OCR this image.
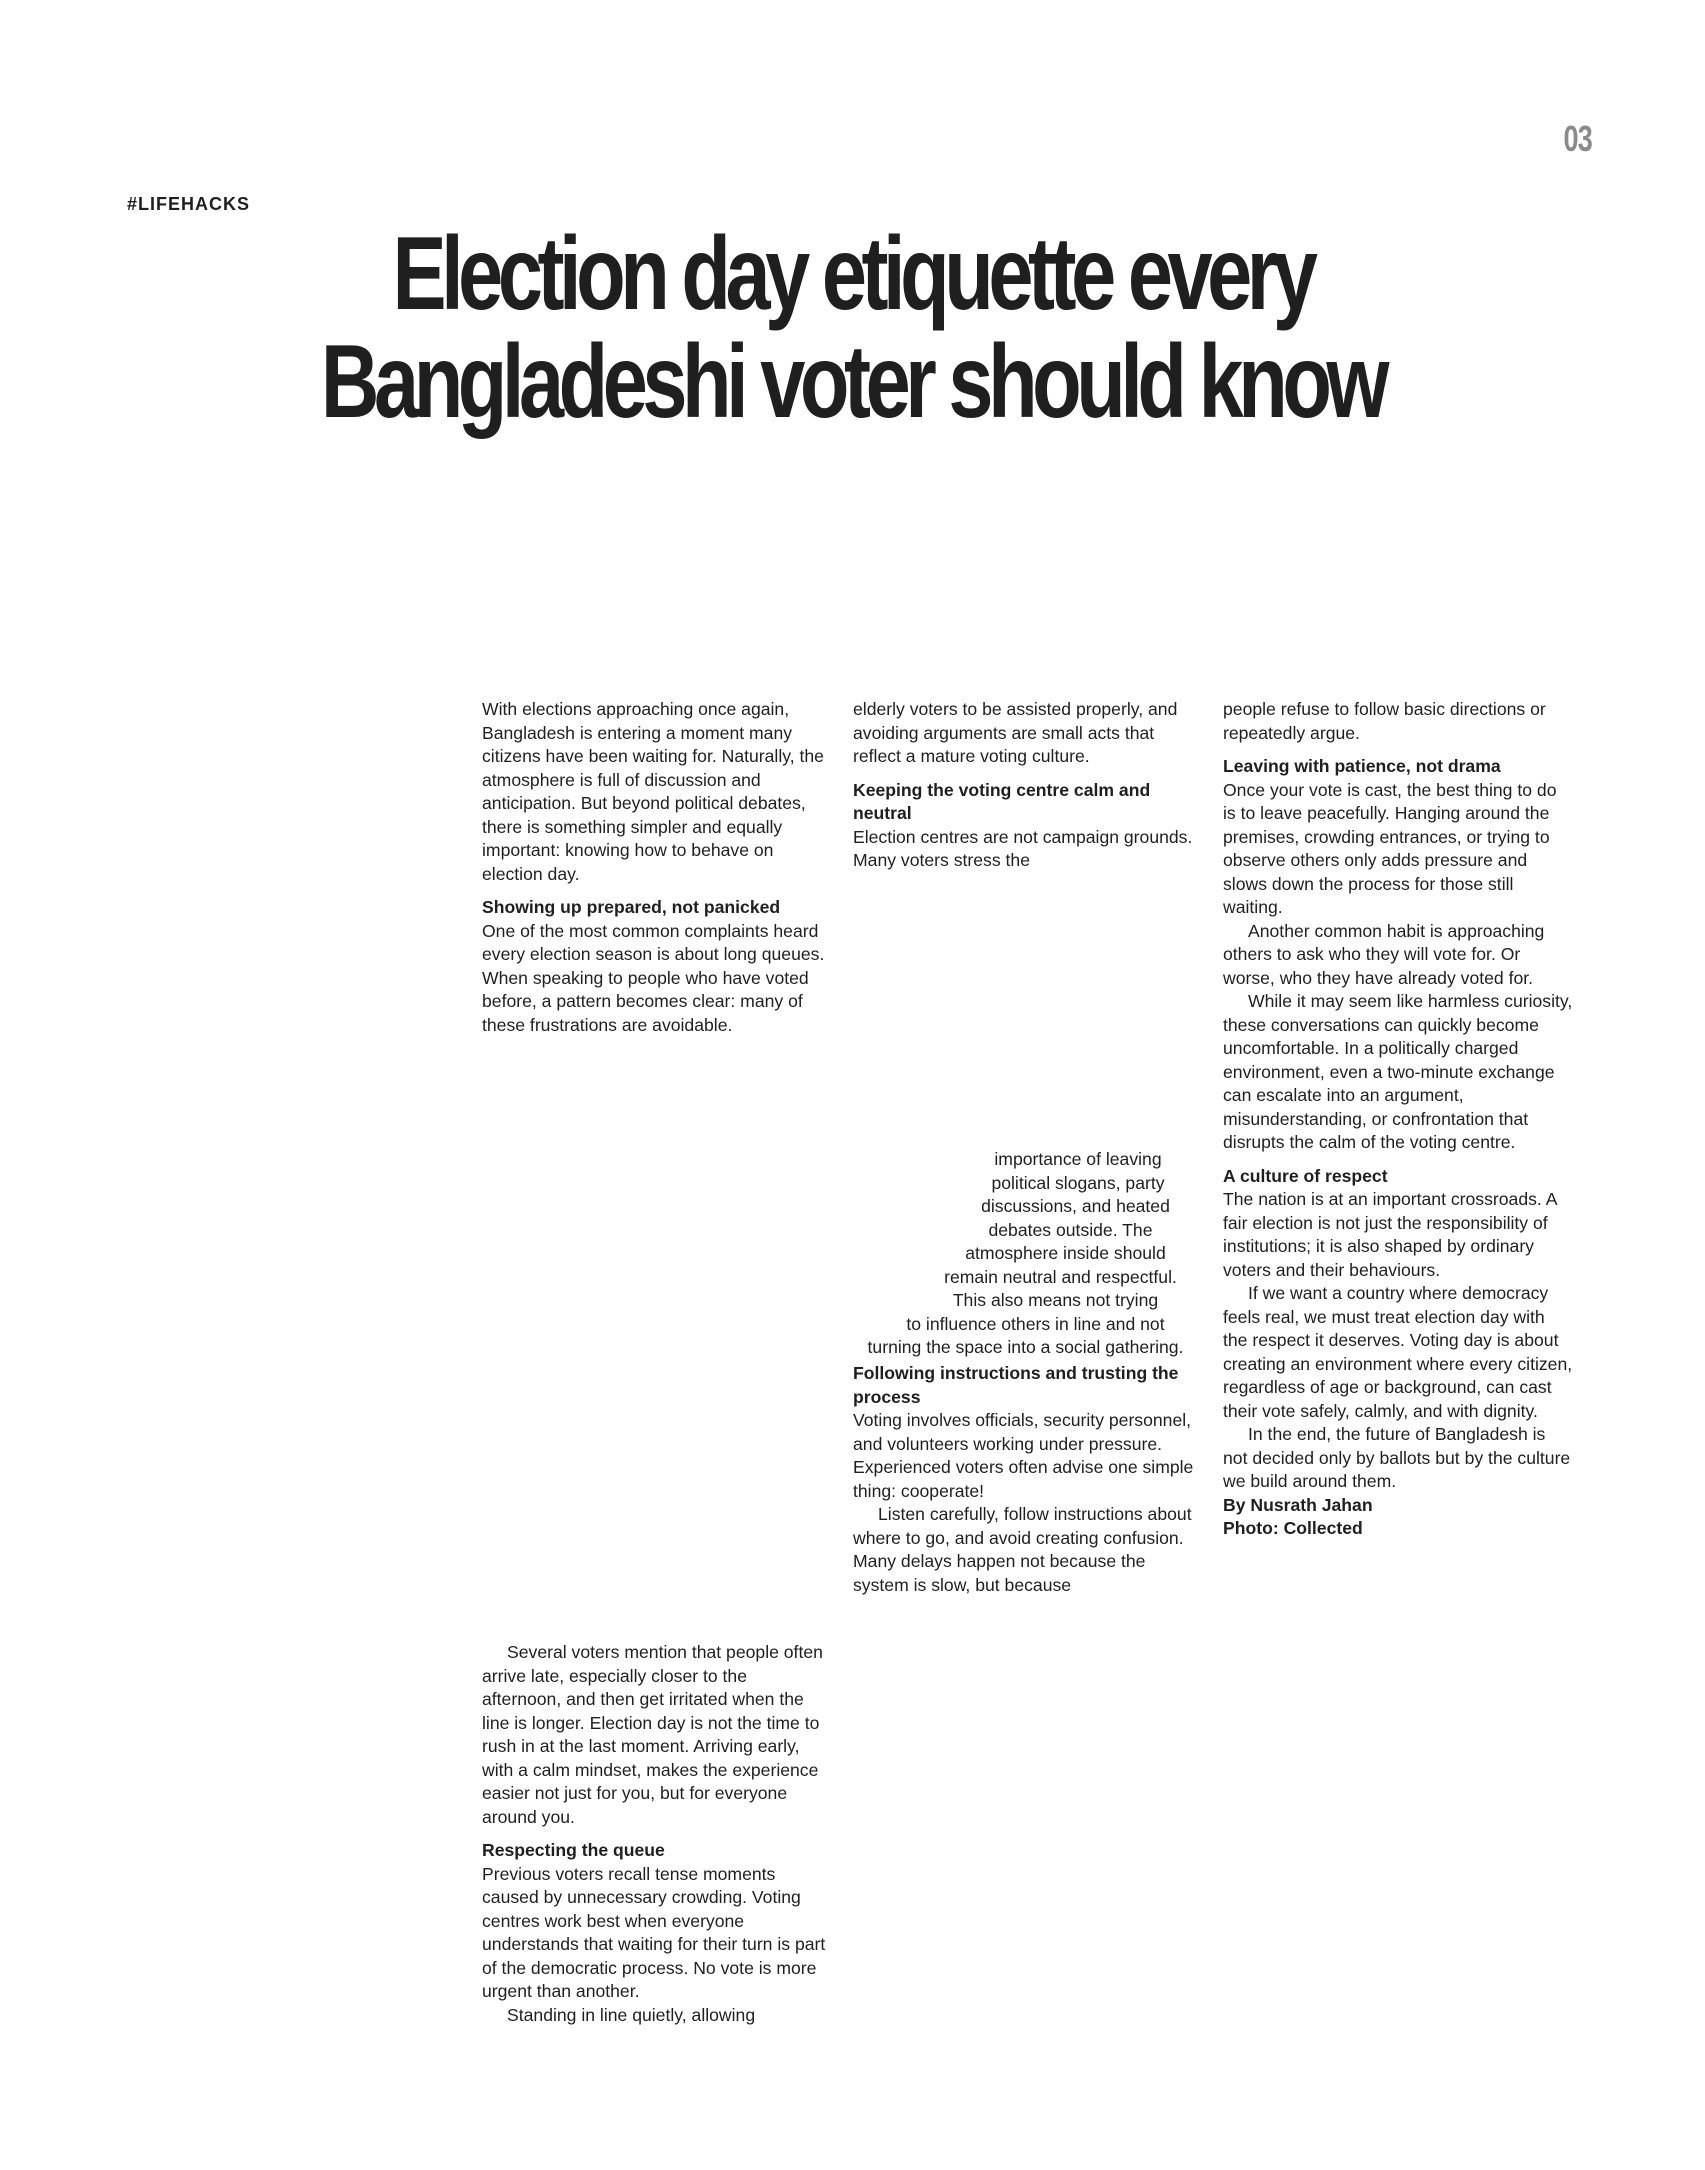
03
#LIFEHACKS
Election day etiquette every
Bangladeshi voter should know

With elections approaching once again, Bangladesh is entering a moment many citizens have been waiting for. Naturally, the atmosphere is full of discussion and anticipation. But beyond political debates, there is something simpler and equally important: knowing how to behave on election day.

Showing up prepared, not panicked

One of the most common complaints heard every election season is about long queues. When speaking to people who have voted before, a pattern becomes clear: many of these frustrations are avoidable.

Several voters mention that people often arrive late, especially closer to the afternoon, and then get irritated when the line is longer. Election day is not the time to rush in at the last moment. Arriving early, with a calm mindset, makes the experience easier not just for you, but for everyone around you.

Respecting the queue

Previous voters recall tense moments caused by unnecessary crowding. Voting centres work best when everyone understands that waiting for their turn is part of the democratic process. No vote is more urgent than another.

Standing in line quietly, allowing

elderly voters to be assisted properly, and avoiding arguments are small acts that reflect a mature voting culture.

Keeping the voting centre calm and neutral

Election centres are not campaign grounds. Many voters stress the

importance of leaving
political slogans, party
discussions, and heated
debates outside. The
atmosphere inside should
remain neutral and respectful.
This also means not trying
to influence others in line and not
turning the space into a social gathering.
Following instructions and trusting the process

Voting involves officials, security personnel, and volunteers working under pressure. Experienced voters often advise one simple thing: cooperate!

Listen carefully, follow instructions about where to go, and avoid creating confusion. Many delays happen not because the system is slow, but because

people refuse to follow basic directions or repeatedly argue.

Leaving with patience, not drama

Once your vote is cast, the best thing to do is to leave peacefully. Hanging around the premises, crowding entrances, or trying to observe others only adds pressure and slows down the process for those still waiting.

Another common habit is approaching others to ask who they will vote for. Or worse, who they have already voted for.

While it may seem like harmless curiosity, these conversations can quickly become uncomfortable. In a politically charged environment, even a two-minute exchange can escalate into an argument, misunderstanding, or confrontation that disrupts the calm of the voting centre.

A culture of respect

The nation is at an important crossroads. A fair election is not just the responsibility of institutions; it is also shaped by ordinary voters and their behaviours.

If we want a country where democracy feels real, we must treat election day with the respect it deserves. Voting day is about creating an environment where every citizen, regardless of age or background, can cast their vote safely, calmly, and with dignity.

In the end, the future of Bangladesh is not decided only by ballots but by the culture we build around them.

By Nusrath Jahan

Photo: Collected
